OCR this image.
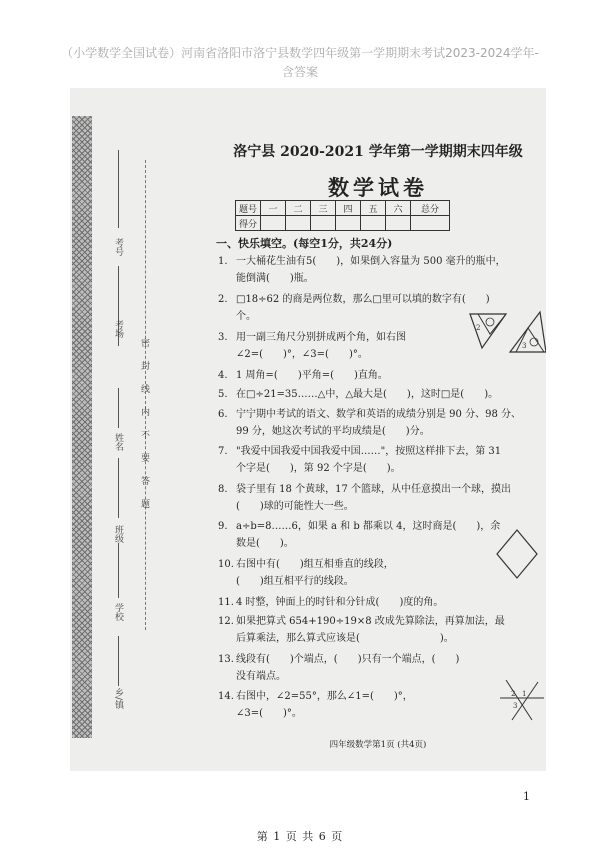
（小学数学全国试卷）河南省洛阳市洛宁县数学四年级第一学期期末考试2023-2024学年-
含答案
考号
考场
姓名
班级
学校
乡/镇
密封线内不要答题
洛宁县 2020-2021 学年第一学期期末四年级
数学试卷
题号	一	二	三	四	五	六	总分
得分							
一、快乐填空。(每空1分，共24分)
1. 一大桶花生油有5(　　)，如果倒入容量为 500 毫升的瓶中，
能倒满(　　)瓶。
2. □18÷62 的商是两位数，那么□里可以填的数字有(　　)
个。
3. 用一副三角尺分别拼成两个角，如右图
∠2=(　　)°，∠3=(　　)°。
4. 1 周角=(　　)平角=(　　)直角。
5. 在□÷21=35……△中，△最大是(　　)，这时□是(　　)。
6. 宁宁期中考试的语文、数学和英语的成绩分别是 90 分、98 分、
99 分，她这次考试的平均成绩是(　　)分。
7. "我爱中国我爱中国我爱中国……"，按照这样排下去，第 31
个字是(　　)，第 92 个字是(　　)。
8. 袋子里有 18 个黄球，17 个篮球，从中任意摸出一个球，摸出
(　　)球的可能性大一些。
9. a÷b=8……6，如果 a 和 b 都乘以 4，这时商是(　　)，余
数是(　　)。
10. 右图中有(　　)组互相垂直的线段，
(　　)组互相平行的线段。
11. 4 时整，钟面上的时针和分针成(　　)度的角。
12. 如果把算式 654+190÷19×8 改成先算除法，再算加法，最
后算乘法，那么算式应该是(　　　　　　　　)。
13. 线段有(　　)个端点，(　　)只有一个端点，(　　)
没有端点。
14. 右图中，∠2=55°，那么∠1=(　　)°，
∠3=(　　)°。
2
3
1
2
3
四年级数学第1页 (共4页)
1
第 1 页 共 6 页
